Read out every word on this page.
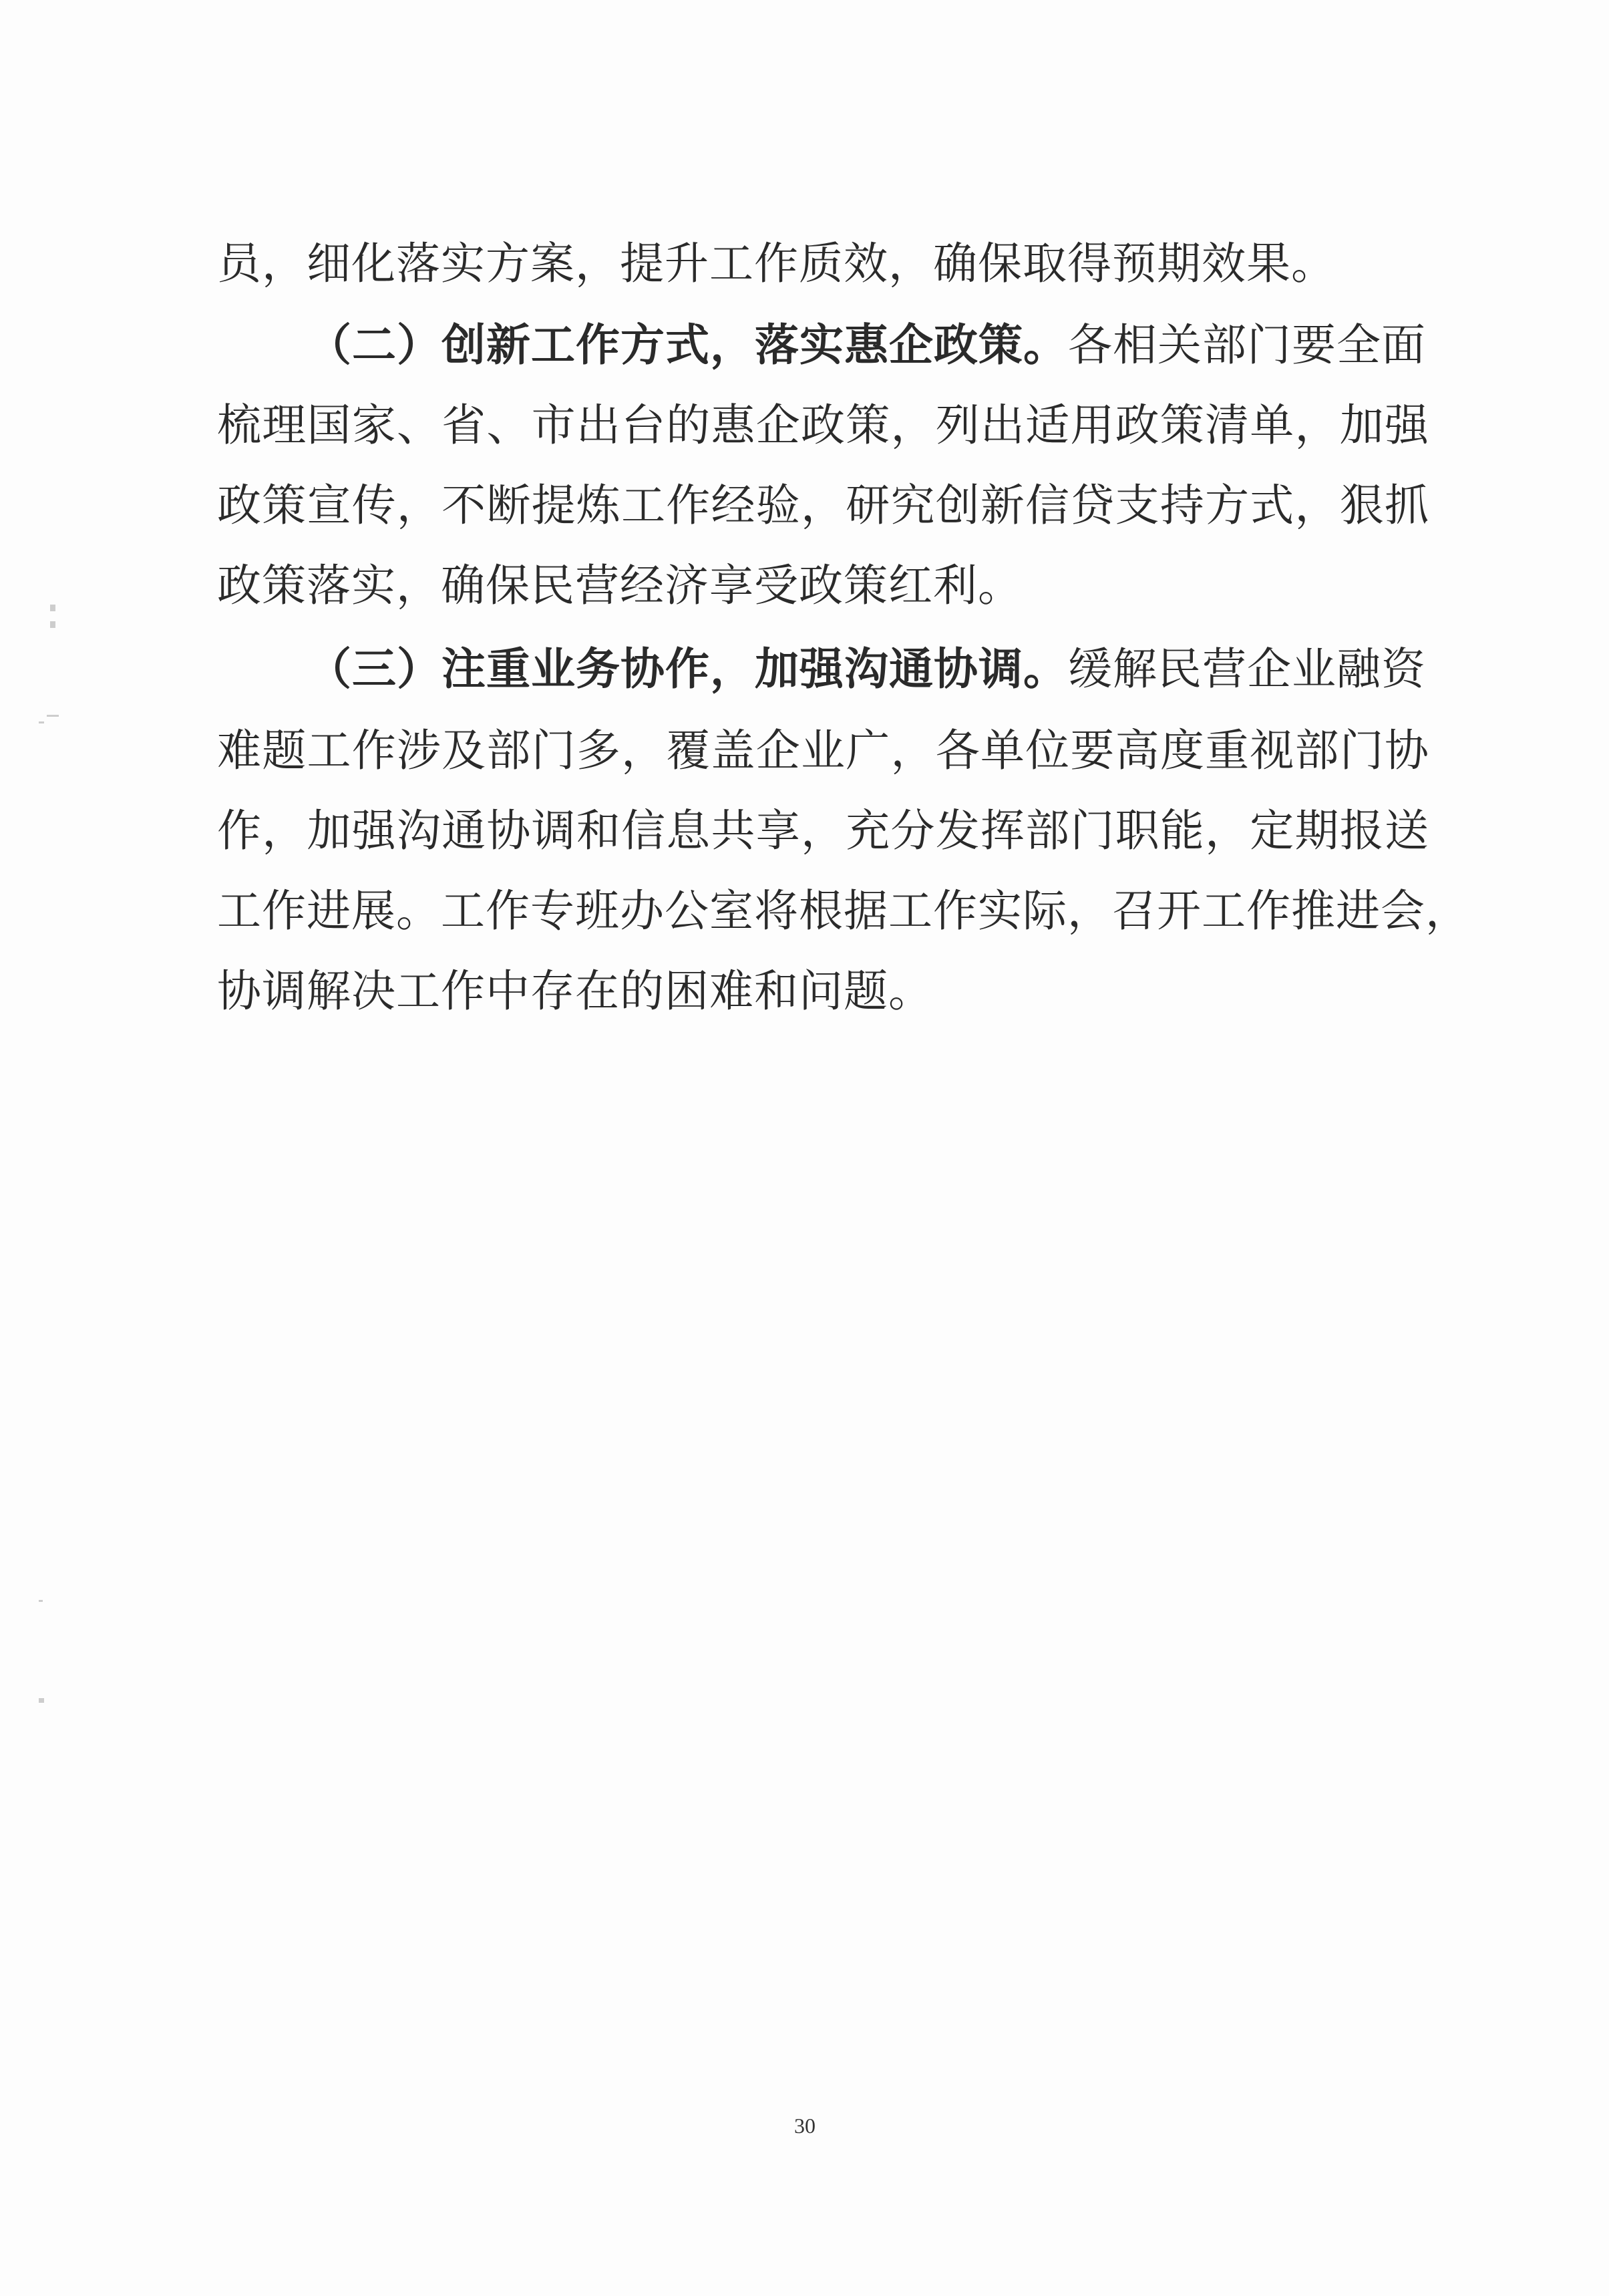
员，细化落实方案，提升工作质效，确保取得预期效果。
（二）创新工作方式，落实惠企政策。各相关部门要全面
梳理国家、省、市出台的惠企政策，列出适用政策清单，加强
政策宣传，不断提炼工作经验，研究创新信贷支持方式，狠抓
政策落实，确保民营经济享受政策红利。
（三）注重业务协作，加强沟通协调。缓解民营企业融资
难题工作涉及部门多，覆盖企业广，各单位要高度重视部门协
作，加强沟通协调和信息共享，充分发挥部门职能，定期报送
工作进展。工作专班办公室将根据工作实际，召开工作推进会，
协调解决工作中存在的困难和问题。
30
